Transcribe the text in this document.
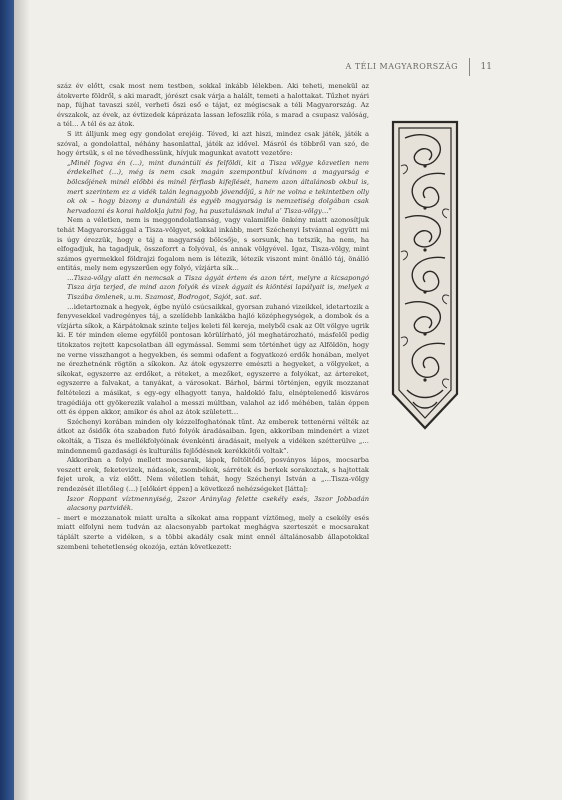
A TÉLI MAGYARORSZÁG	11

száz év előtt, csak most nem testben, sokkal inkább lélekben. Aki teheti, menekül az átokverte földről, s aki maradt, jórészt csak várja a halált, temeti a halottakat. Tűzhet nyári nap, fújhat tavaszi szél, verheti őszi eső e tájat, ez mégiscsak a téli Magyarország. Az évszakok, az évek, az évtizedek káprázata lassan lefoszlik róla, s marad a csupasz valóság, a tél… A tél és az átok.

S itt álljunk meg egy gondolat erejéig. Téved, ki azt hiszi, mindez csak játék, játék a szóval, a gondolattal, néhány hasonlattal, játék az idővel. Másról és többről van szó, de hogy értsük, s el ne tévedhessünk, hívjuk magunkat avatott vezetőre:

„Minél fogva én (…), mint dunántúli és felföldi, kit a Tisza völgye közvetlen nem érdekelhet (…), még is nem csak magán szempontbul kívánom a magyarság e bölcsőjének minél előbbi és minél férfiasb kifejlését, hanem azon általánosb okbul is, mert szerintem ez a vidék talán legnagyobb jövendőjű, s hír ne volna e tekintetben olly ok ok – hogy bizony a dunántúli és egyéb magyarság is nemzetiség dolgában csak hervadozni és korai haldokl̲a jutni fog, ha pusztulásnak indul a’ Tisza-völgy…”

Nem a véletlen, nem is meggondolatlanság, vagy valamiféle önkény miatt azonosítjuk tehát Magyarországgal a Tisza-völgyet, sokkal inkább, mert Széchenyi Istvánnal együtt mi is úgy érezzük, hogy e táj a magyarság bölcsője, s sorsunk, ha tetszik, ha nem, ha elfogadjuk, ha tagadjuk, összeforrt a folyóval, és annak völgyével. Igaz, Tisza-völgy, mint számos gyermekkel földrajzi fogalom nem is létezik, létezik viszont mint önálló táj, önálló entitás, mely nem egyszerűen egy folyó, vízjárta sík…

…Tisza-völgy alatt én nemcsak a Tisza ágyát értem és azon tért, melyre a kicsapongó Tisza árja terjed, de mind azon folyók és vizek ágyait és kiöntési lapályait is, melyek a Tiszába ömlenek, u.m. Szamost, Bodrogot, Sajót, sat. sat.

…idetartoznak a hegyek, égbe nyúló csúcsaikkal, gyorsan zuhanó vizeikkel, idetartozik a fenyvesekkel vadregényes táj, a szelídebb lankákba hajló középhegységek, a dombok és a vízjárta síkok, a Kárpátoknak szinte teljes keleti fél kereja, melyből csak az Olt völgye ugrik ki. E tér minden eleme egyfélől pontosan körülírható, jól meghatározható, másfelől pedig titokzatos rejtett kapcsolatban áll egymással. Semmi sem történhet úgy az Alföldön, hogy ne verne visszhangot a hegyekben, és semmi odafent a fogyatkozó erdők honában, melyet ne érezhetnénk rögtön a síkokon. Az átok egyszerre emészti a hegyeket, a völgyeket, a síkokat, egyszerre az erdőket, a réteket, a mezőket, egyszerre a folyókat, az ártereket, egyszerre a falvakat, a tanyákat, a városokat. Bárhol, bármi történjen, egyik mozzanat feltételezi a másikat, s egy-egy elhagyott tanya, haldokló falu, elnéptelenedő kisváros tragédiája ott gyökerezik valahol a messzi múltban, valahol az idő méhében, talán éppen ott és éppen akkor, amikor és ahol az átok született…

Széchenyi korában minden oly kézzelfoghatónak tűnt. Az emberek tettenérni vélték az átkot az ősidők óta szabadon futó folyók áradásaiban. Igen, akkoriban mindenért a vizet okolták, a Tisza és mellékfolyóinak évenkénti áradásait, melyek a vidéken szétterülve „…mindennemű gazdasági és kulturális fejlődésnek kerékkötői voltak”.

Akkoriban a folyó mellett mocsarak, lápok, feltöltődő, posványos lápos, mocsarba veszett erek, feketevizek, nádasok, zsombékok, sárrétek és berkek sorakoztak, s hajtottak fejet urok, a víz előtt. Nem véletlen tehát, hogy Széchenyi István a „…Tisza-völgy rendezését illetőleg (…) [előkért éppen] a következő nehézségeket [látta]:

Iszor Roppant víztmennyiség, 2szor Aránylag felette csekély esés, 3szor Jobbadán alacsony partvidék.

– mert e mozzanatok miatt uralta a síkokat ama roppant víztömeg, mely a csekély esés miatt elfolyni nem tudván az alacsonyabb partokat meghágva szerteszét e mocsarakat táplált szerte a vidéken, s a többi akadály csak mint ennél általánosabb állapotokkal szembeni tehetetlenség okozója, eztán következett:
